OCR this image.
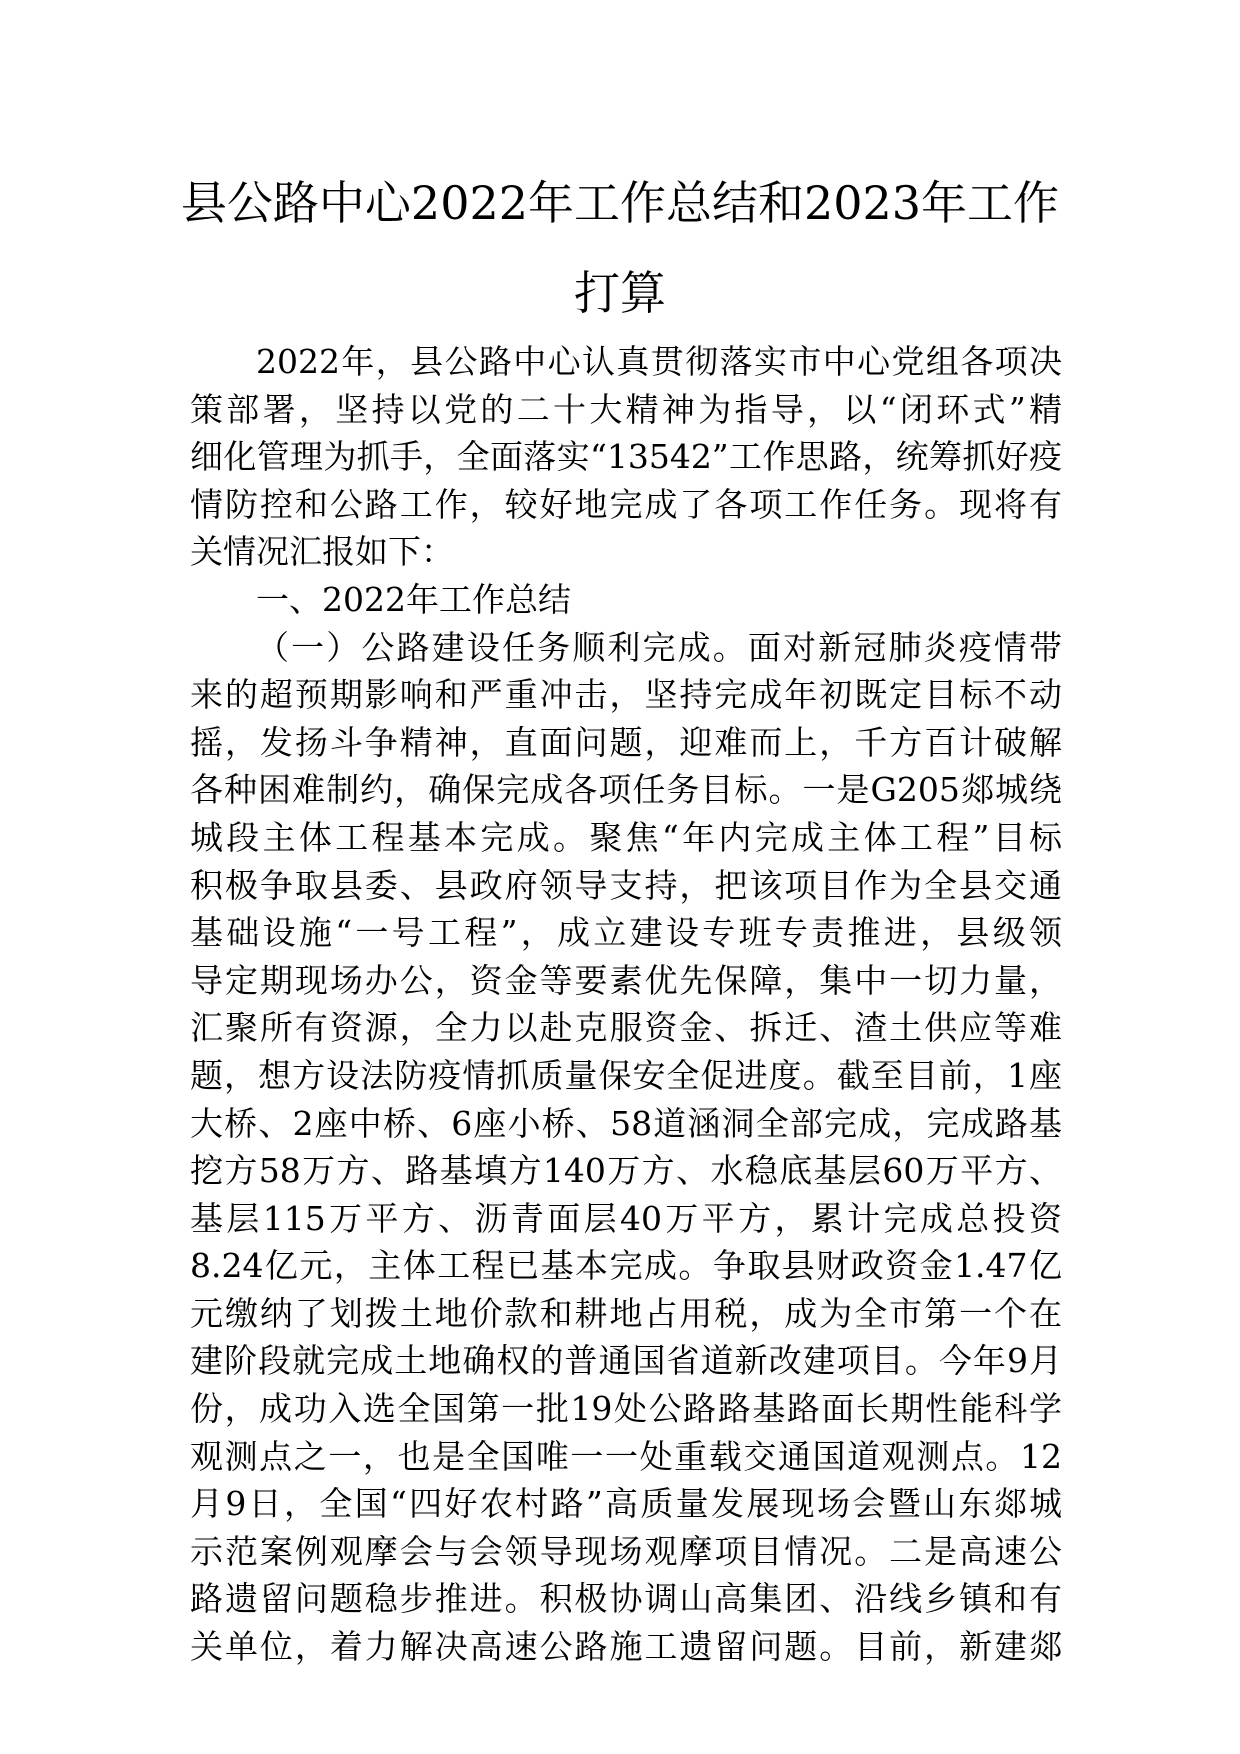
县公路中心2022年工作总结和2023年工作
打算
2022年，县公路中心认真贯彻落实市中心党组各项决
策部署，坚持以党的二十大精神为指导，以“闭环式”精
细化管理为抓手，全面落实“13542”工作思路，统筹抓好疫
情防控和公路工作，较好地完成了各项工作任务。现将有
关情况汇报如下：
一、2022年工作总结
（一）公路建设任务顺利完成。面对新冠肺炎疫情带
来的超预期影响和严重冲击，坚持完成年初既定目标不动
摇，发扬斗争精神，直面问题，迎难而上，千方百计破解
各种困难制约，确保完成各项任务目标。一是G205郯城绕
城段主体工程基本完成。聚焦“年内完成主体工程”目标
积极争取县委、县政府领导支持，把该项目作为全县交通
基础设施“一号工程”，成立建设专班专责推进，县级领
导定期现场办公，资金等要素优先保障，集中一切力量，
汇聚所有资源，全力以赴克服资金、拆迁、渣土供应等难
题，想方设法防疫情抓质量保安全促进度。截至目前，1座
大桥、2座中桥、6座小桥、58道涵洞全部完成，完成路基
挖方58万方、路基填方140万方、水稳底基层60万平方、
基层115万平方、沥青面层40万平方，累计完成总投资
8.24亿元，主体工程已基本完成。争取县财政资金1.47亿
元缴纳了划拨土地价款和耕地占用税，成为全市第一个在
建阶段就完成土地确权的普通国省道新改建项目。今年9月
份，成功入选全国第一批19处公路路基路面长期性能科学
观测点之一，也是全国唯一一处重载交通国道观测点。12
月9日，全国“四好农村路”高质量发展现场会暨山东郯城
示范案例观摩会与会领导现场观摩项目情况。二是高速公
路遗留问题稳步推进。积极协调山高集团、沿线乡镇和有
关单位，着力解决高速公路施工遗留问题。目前，新建郯
